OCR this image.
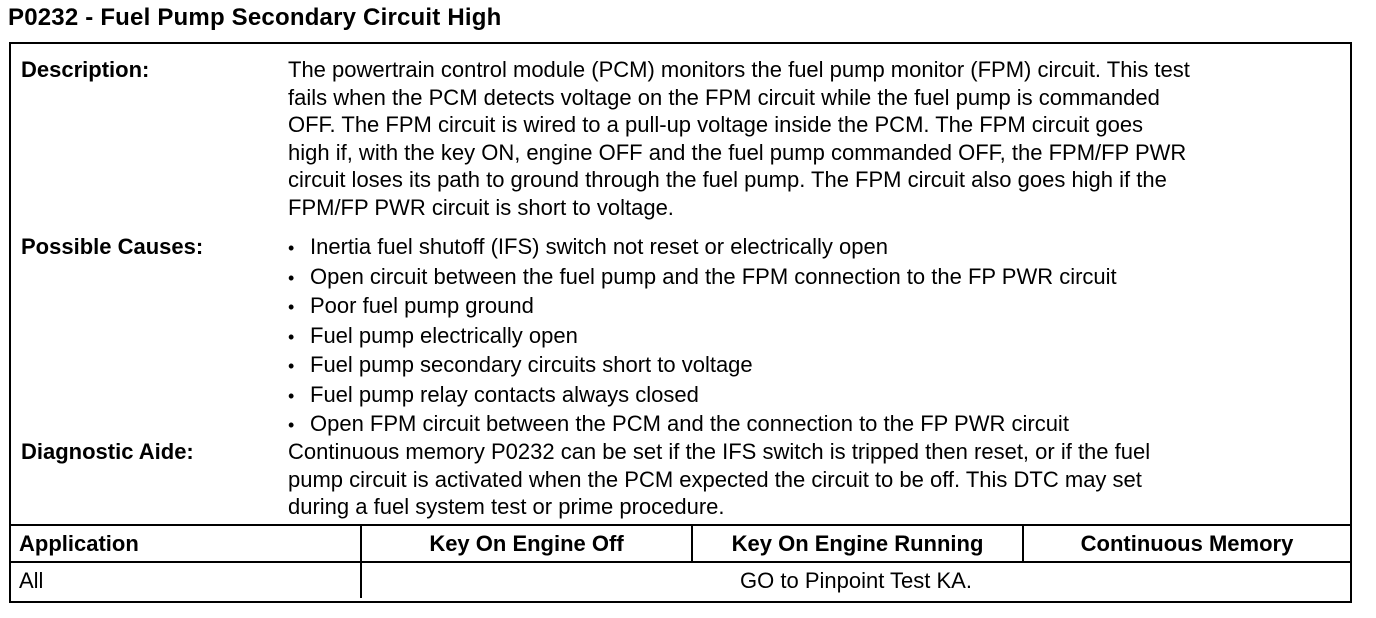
P0232 - Fuel Pump Secondary Circuit High
Description:	The powertrain control module (PCM) monitors the fuel pump monitor (FPM) circuit. This test
fails when the PCM detects voltage on the FPM circuit while the fuel pump is commanded
OFF. The FPM circuit is wired to a pull-up voltage inside the PCM. The FPM circuit goes
high if, with the key ON, engine OFF and the fuel pump commanded OFF, the FPM/FP PWR
circuit loses its path to ground through the fuel pump. The FPM circuit also goes high if the
FPM/FP PWR circuit is short to voltage.
Possible Causes:	• Inertia fuel shutoff (IFS) switch not reset or electrically open
• Open circuit between the fuel pump and the FPM connection to the FP PWR circuit
• Poor fuel pump ground
• Fuel pump electrically open
• Fuel pump secondary circuits short to voltage
• Fuel pump relay contacts always closed
• Open FPM circuit between the PCM and the connection to the FP PWR circuit
Diagnostic Aide:	Continuous memory P0232 can be set if the IFS switch is tripped then reset, or if the fuel
pump circuit is activated when the PCM expected the circuit to be off. This DTC may set
during a fuel system test or prime procedure.
Application	Key On Engine Off	Key On Engine Running	Continuous Memory
All	GO to Pinpoint Test KA.		
